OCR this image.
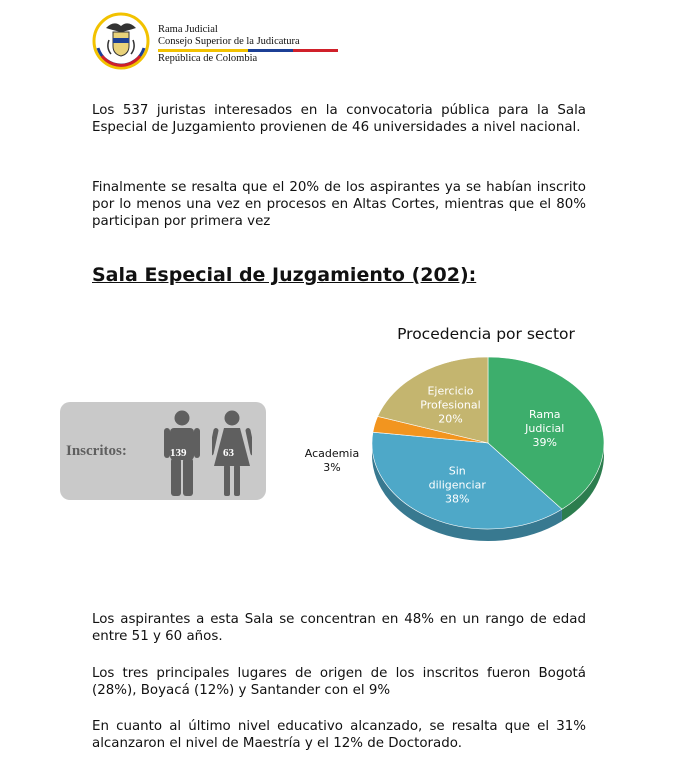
Rama Judicial
Consejo Superior de la Judicatura
República de Colombia

Los 537 juristas interesados en la convocatoria pública para la Sala Especial de Juzgamiento provienen de 46 universidades a nivel nacional.

Finalmente se resalta que el 20% de los aspirantes ya se habían inscrito por lo menos una vez en procesos en Altas Cortes, mientras que el 80% participan por primera vez

Sala Especial de Juzgamiento (202):
Inscritos:	139	63
Procedencia por sector
Rama Judicial 39%
Sin diligenciar 38%
Academia 3%
Ejercicio Profesional 20%

Los aspirantes a esta Sala se concentran en 48% en un rango de edad entre 51 y 60 años.

Los tres principales lugares de origen de los inscritos fueron Bogotá (28%), Boyacá (12%) y Santander con el 9%

En cuanto al último nivel educativo alcanzado, se resalta que el 31% alcanzaron el nivel de Maestría y el 12% de Doctorado.
